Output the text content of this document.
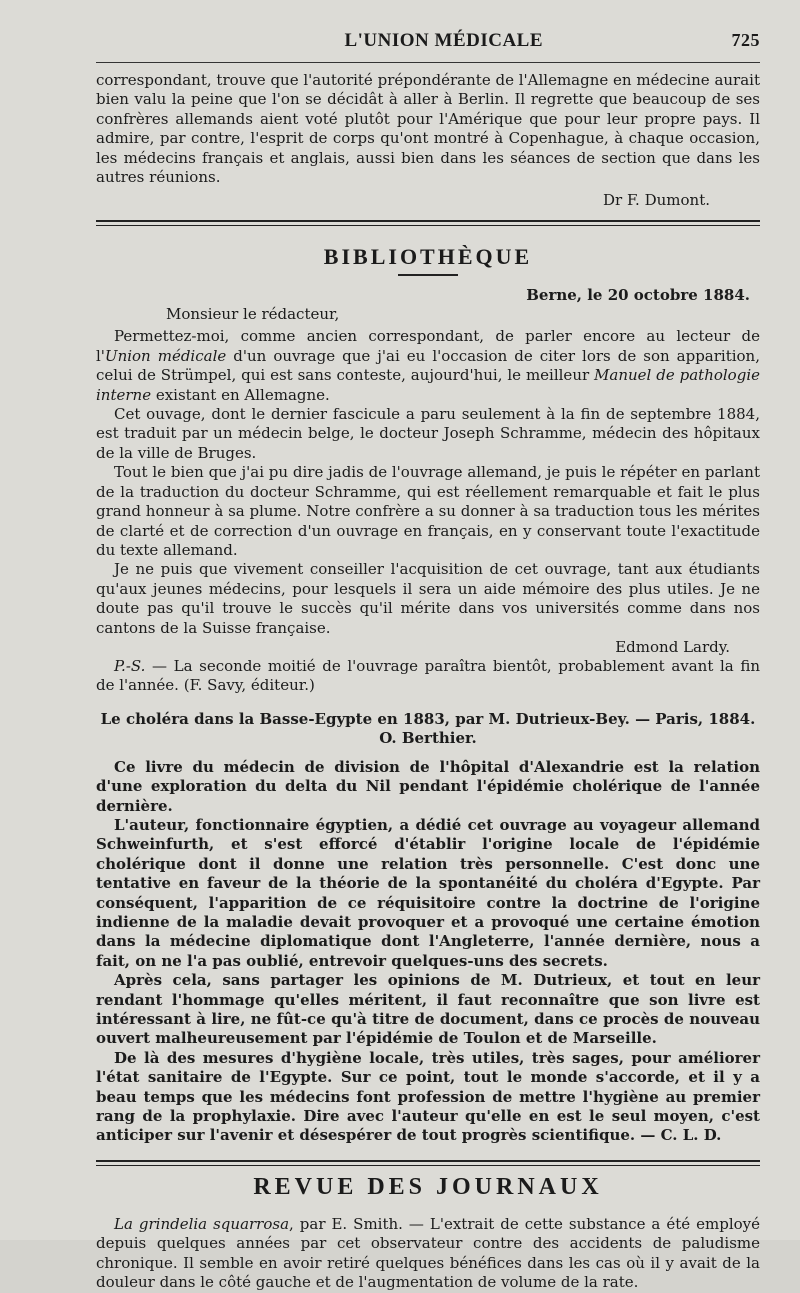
L'UNION MÉDICALE	725

correspondant, trouve que l'autorité prépondérante de l'Allemagne en médecine aurait bien valu la peine que l'on se décidât à aller à Berlin. Il regrette que beaucoup de ses confrères allemands aient voté plutôt pour l'Amérique que pour leur propre pays. Il admire, par contre, l'esprit de corps qu'ont montré à Copenhague, à chaque occasion, les médecins français et anglais, aussi bien dans les séances de section que dans les autres réunions.

Dr F. Dumont.
BIBLIOTHÈQUE
Berne, le 20 octobre 1884.
Monsieur le rédacteur,

Permettez-moi, comme ancien correspondant, de parler encore au lecteur de l'Union médicale d'un ouvrage que j'ai eu l'occasion de citer lors de son apparition, celui de Strümpel, qui est sans conteste, aujourd'hui, le meilleur Manuel de pathologie interne existant en Allemagne.

Cet ouvage, dont le dernier fascicule a paru seulement à la fin de septembre 1884, est traduit par un médecin belge, le docteur Joseph Schramme, médecin des hôpitaux de la ville de Bruges.

Tout le bien que j'ai pu dire jadis de l'ouvrage allemand, je puis le répéter en parlant de la traduction du docteur Schramme, qui est réellement remarquable et fait le plus grand honneur à sa plume. Notre confrère a su donner à sa traduction tous les mérites de clarté et de correction d'un ouvrage en français, en y conservant toute l'exactitude du texte allemand.

Je ne puis que vivement conseiller l'acquisition de cet ouvrage, tant aux étudiants qu'aux jeunes médecins, pour lesquels il sera un aide mémoire des plus utiles. Je ne doute pas qu'il trouve le succès qu'il mérite dans vos universités comme dans nos cantons de la Suisse française.

Edmond Lardy.

P.-S. — La seconde moitié de l'ouvrage paraîtra bientôt, probablement avant la fin de l'année. (F. Savy, éditeur.)

Le choléra dans la Basse-Egypte en 1883, par M. Dutrieux-Bey. — Paris, 1884.
O. Berthier.

Ce livre du médecin de division de l'hôpital d'Alexandrie est la relation d'une exploration du delta du Nil pendant l'épidémie cholérique de l'année dernière.

L'auteur, fonctionnaire égyptien, a dédié cet ouvrage au voyageur allemand Schweinfurth, et s'est efforcé d'établir l'origine locale de l'épidémie cholérique dont il donne une relation très personnelle. C'est donc une tentative en faveur de la théorie de la spontanéité du choléra d'Egypte. Par conséquent, l'apparition de ce réquisitoire contre la doctrine de l'origine indienne de la maladie devait provoquer et a provoqué une certaine émotion dans la médecine diplomatique dont l'Angleterre, l'année dernière, nous a fait, on ne l'a pas oublié, entrevoir quelques-uns des secrets.

Après cela, sans partager les opinions de M. Dutrieux, et tout en leur rendant l'hommage qu'elles méritent, il faut reconnaître que son livre est intéressant à lire, ne fût-ce qu'à titre de document, dans ce procès de nouveau ouvert malheureusement par l'épidémie de Toulon et de Marseille.

De là des mesures d'hygiène locale, très utiles, très sages, pour améliorer l'état sanitaire de l'Egypte. Sur ce point, tout le monde s'accorde, et il y a beau temps que les médecins font profession de mettre l'hygiène au premier rang de la prophylaxie. Dire avec l'auteur qu'elle en est le seul moyen, c'est anticiper sur l'avenir et désespérer de tout progrès scientifique. — C. L. D.

REVUE DES JOURNAUX

La grindelia squarrosa, par E. Smith. — L'extrait de cette substance a été employé depuis quelques années par cet observateur contre des accidents de paludisme chronique. Il semble en avoir retiré quelques bénéfices dans les cas où il y avait de la douleur dans le côté gauche et de l'augmentation de volume de la rate.
